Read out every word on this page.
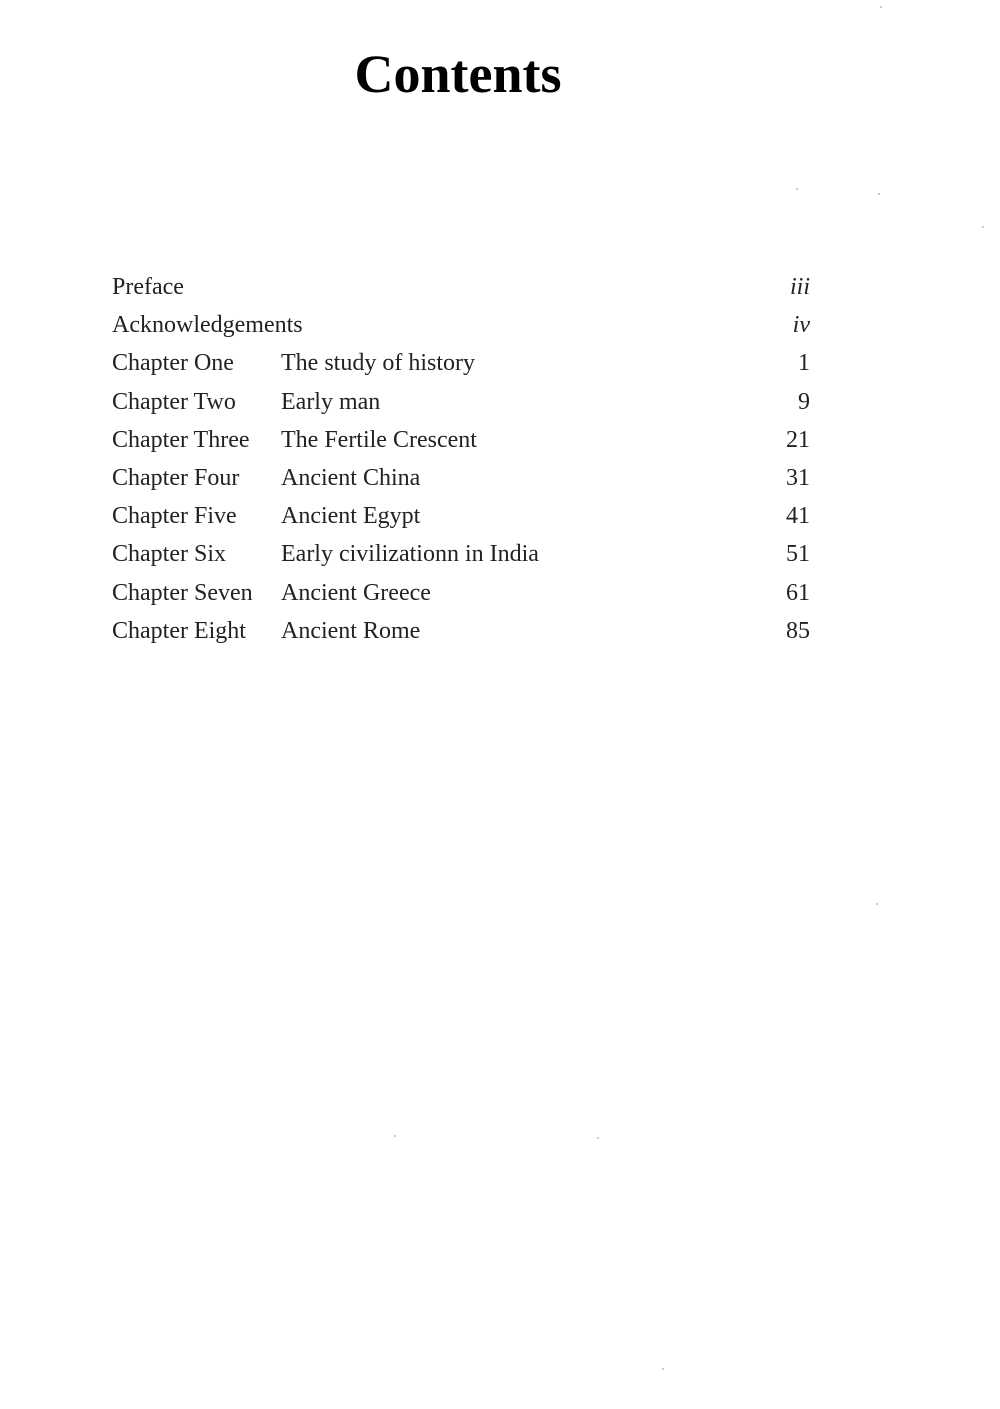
Contents
Preface	iii
Acknowledgements	iv
Chapter One The study of history	1
Chapter Two Early man	9
Chapter Three The Fertile Crescent	21
Chapter Four Ancient China	31
Chapter Five Ancient Egypt	41
Chapter Six Early civilizationn in India	51
Chapter Seven Ancient Greece	61
Chapter Eight Ancient Rome	85
